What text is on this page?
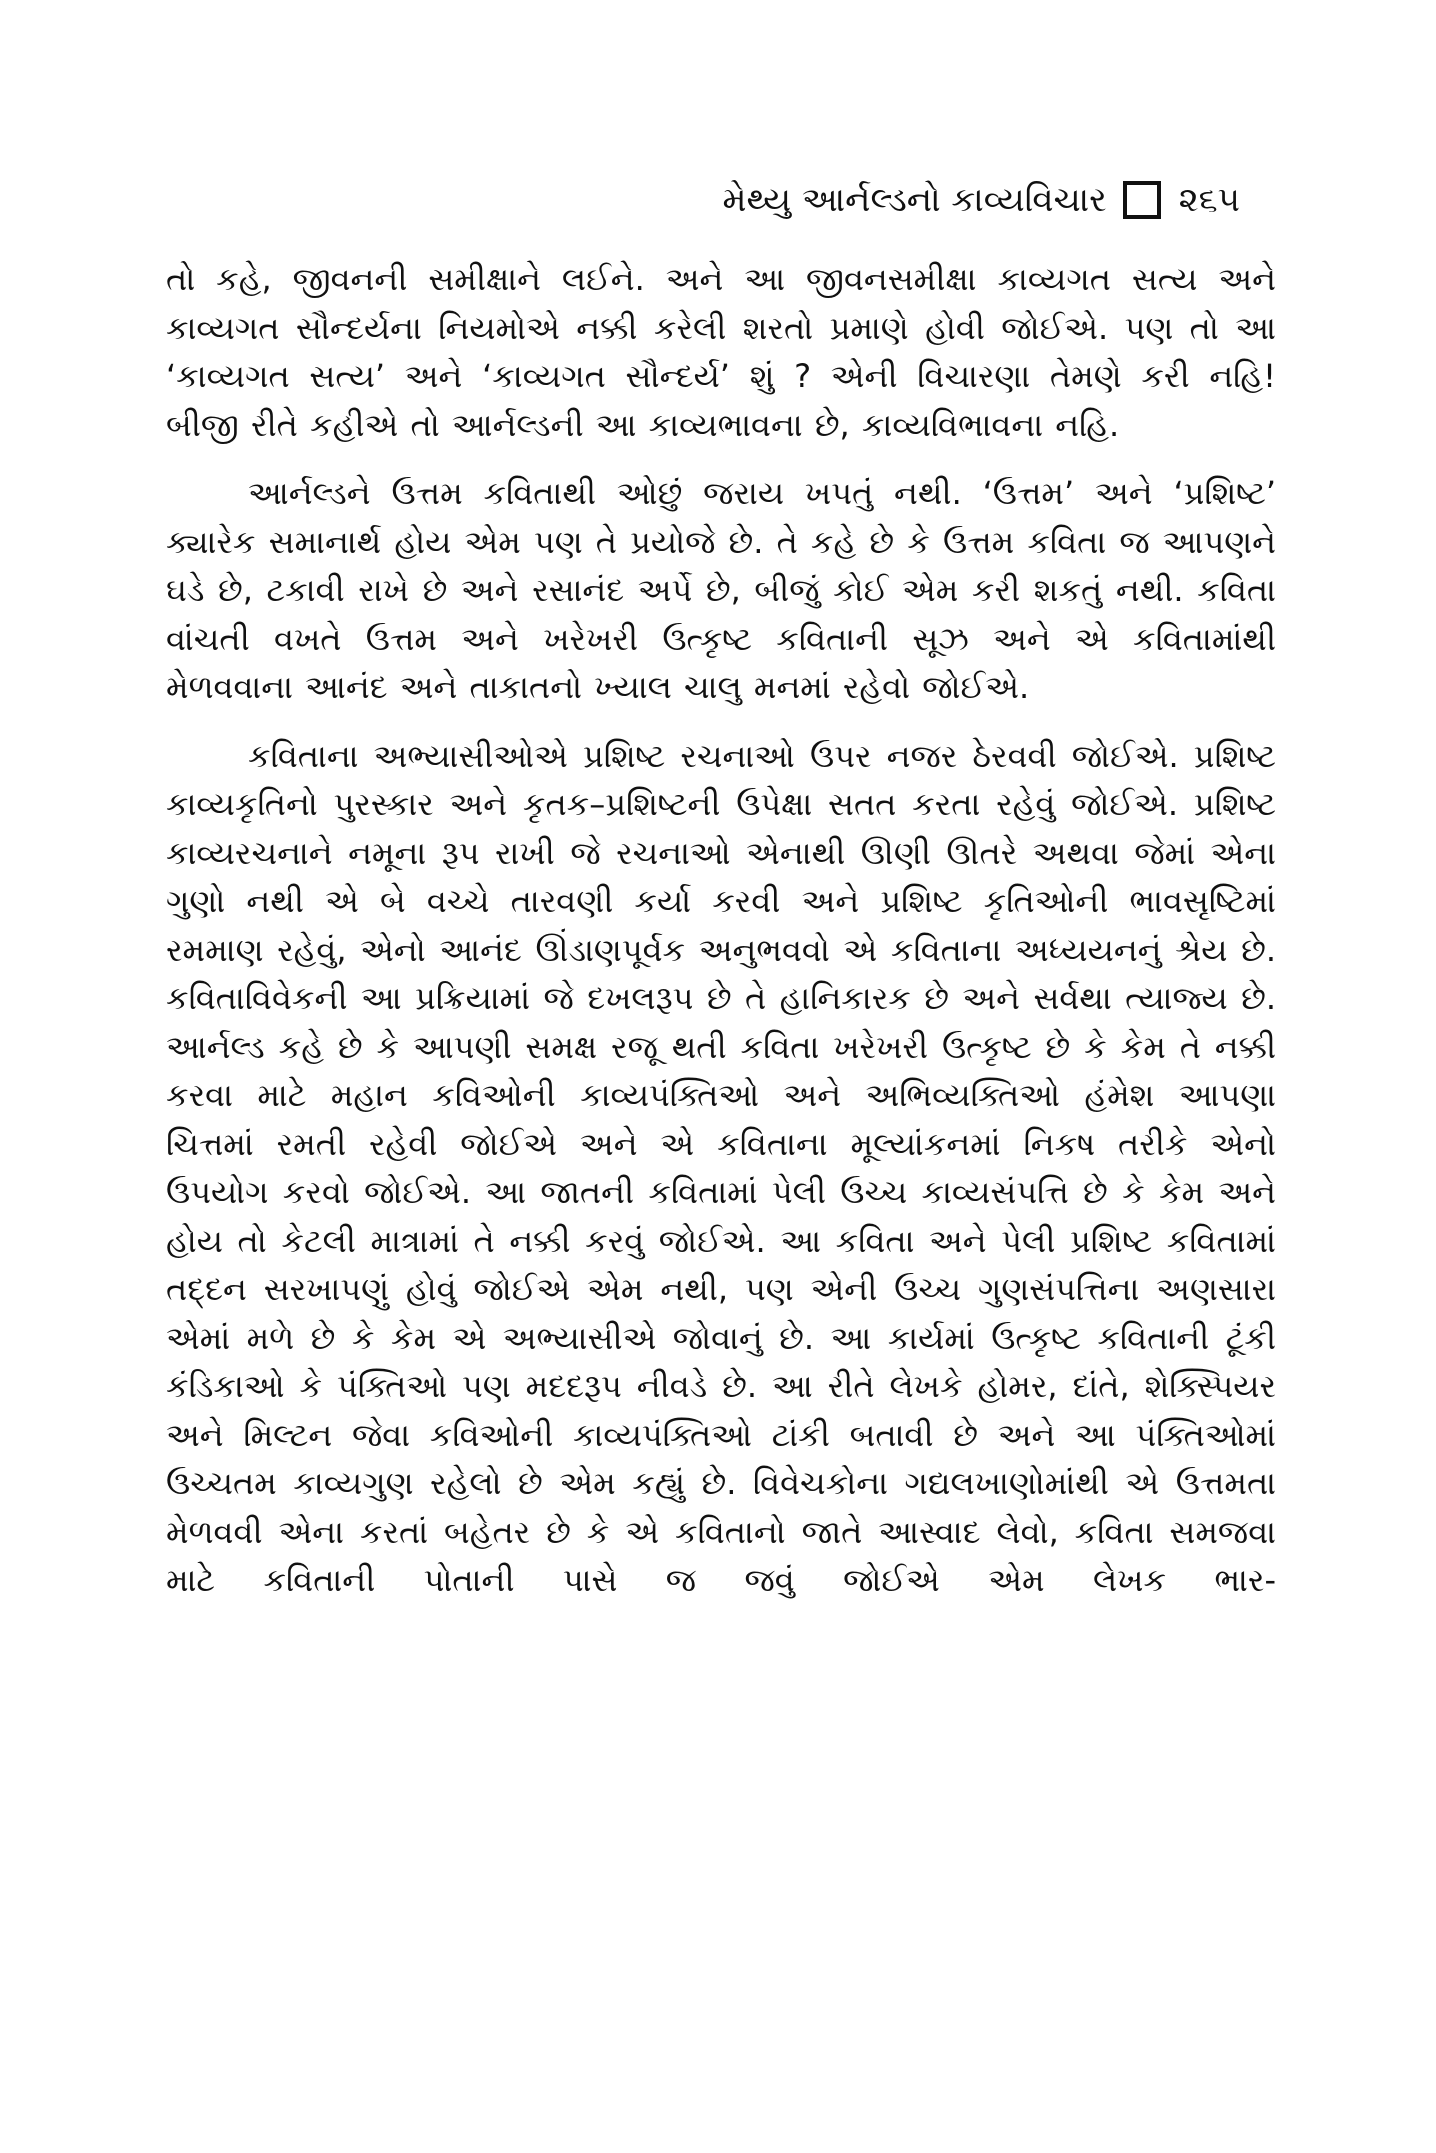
મેથ્યુ આર્નલ્ડનો કાવ્યવિચાર ૨૬૫

તો કહે, જીવનની સમીક્ષાને લઈને. અને આ જીવનસમીક્ષા કાવ્યગત સત્ય અને કાવ્યગત સૌન્દર્યના નિયમોએ નક્કી કરેલી શરતો પ્રમાણે હોવી જોઈએ. પણ તો આ ‘કાવ્યગત સત્ય’ અને ‘કાવ્યગત સૌન્દર્ય’ શું ? એની વિચારણા તેમણે કરી નહિ! બીજી રીતે કહીએ તો આર્નલ્ડની આ કાવ્યભાવના છે, કાવ્યવિભાવના નહિ.

આર્નલ્ડને ઉત્તમ કવિતાથી ઓછું જરાય ખપતું નથી. ‘ઉત્તમ’ અને ‘પ્રશિષ્ટ’ ક્યારેક સમાનાર્થ હોય એમ પણ તે પ્રયોજે છે. તે કહે છે કે ઉત્તમ કવિતા જ આપણને ઘડે છે, ટકાવી રાખે છે અને રસાનંદ અર્પે છે, બીજું કોઈ એમ કરી શકતું નથી. કવિતા વાંચતી વખતે ઉત્તમ અને ખરેખરી ઉત્કૃષ્ટ કવિતાની સૂઝ અને એ કવિતામાંથી મેળવવાના આનંદ અને તાકાતનો ખ્યાલ ચાલુ મનમાં રહેવો જોઈએ.

કવિતાના અભ્યાસીઓએ પ્રશિષ્ટ રચનાઓ ઉપર નજર ઠેરવવી જોઈએ. પ્રશિષ્ટ કાવ્યકૃતિનો પુરસ્કાર અને કૃતક–પ્રશિષ્ટની ઉપેક્ષા સતત કરતા રહેવું જોઈએ. પ્રશિષ્ટ કાવ્યરચનાને નમૂના રૂપ રાખી જે રચનાઓ એનાથી ઊણી ઊતરે અથવા જેમાં એના ગુણો નથી એ બે વચ્ચે તારવણી કર્યા કરવી અને પ્રશિષ્ટ કૃતિઓની ભાવસૃષ્ટિમાં રમમાણ રહેવું, એનો આનંદ ઊંડાણપૂર્વક અનુભવવો એ કવિતાના અધ્યયનનું શ્રેય છે. કવિતાવિવેકની આ પ્રક્રિયામાં જે દખલરૂપ છે તે હાનિકારક છે અને સર્વથા ત્યાજ્ય છે. આર્નલ્ડ કહે છે કે આપણી સમક્ષ રજૂ થતી કવિતા ખરેખરી ઉત્કૃષ્ટ છે કે કેમ તે નક્કી કરવા માટે મહાન કવિઓની કાવ્યપંક્તિઓ અને અભિવ્યક્તિઓ હંમેશ આપણા ચિત્તમાં રમતી રહેવી જોઈએ અને એ કવિતાના મૂલ્યાંકનમાં નિકષ તરીકે એનો ઉપયોગ કરવો જોઈએ. આ જાતની કવિતામાં પેલી ઉચ્ચ કાવ્યસંપત્તિ છે કે કેમ અને હોય તો કેટલી માત્રામાં તે નક્કી કરવું જોઈએ. આ કવિતા અને પેલી પ્રશિષ્ટ કવિતામાં તદ્દન સરખાપણું હોવું જોઈએ એમ નથી, પણ એની ઉચ્ચ ગુણસંપત્તિના અણસારા એમાં મળે છે કે કેમ એ અભ્યાસીએ જોવાનું છે. આ કાર્યમાં ઉત્કૃષ્ટ કવિતાની ટૂંકી કંડિકાઓ કે પંક્તિઓ પણ મદદરૂપ નીવડે છે. આ રીતે લેખકે હોમર, દાંતે, શેક્સ્પિયર અને મિલ્ટન જેવા કવિઓની કાવ્યપંક્તિઓ ટાંકી બતાવી છે અને આ પંક્તિઓમાં ઉચ્ચતમ કાવ્યગુણ રહેલો છે એમ કહ્યું છે. વિવેચકોના ગદ્યલખાણોમાંથી એ ઉત્તમતા મેળવવી એના કરતાં બહેતર છે કે એ કવિતાનો જાતે આસ્વાદ લેવો, કવિતા સમજવા માટે કવિતાની પોતાની પાસે જ જવું જોઈએ એમ લેખક ભાર-
